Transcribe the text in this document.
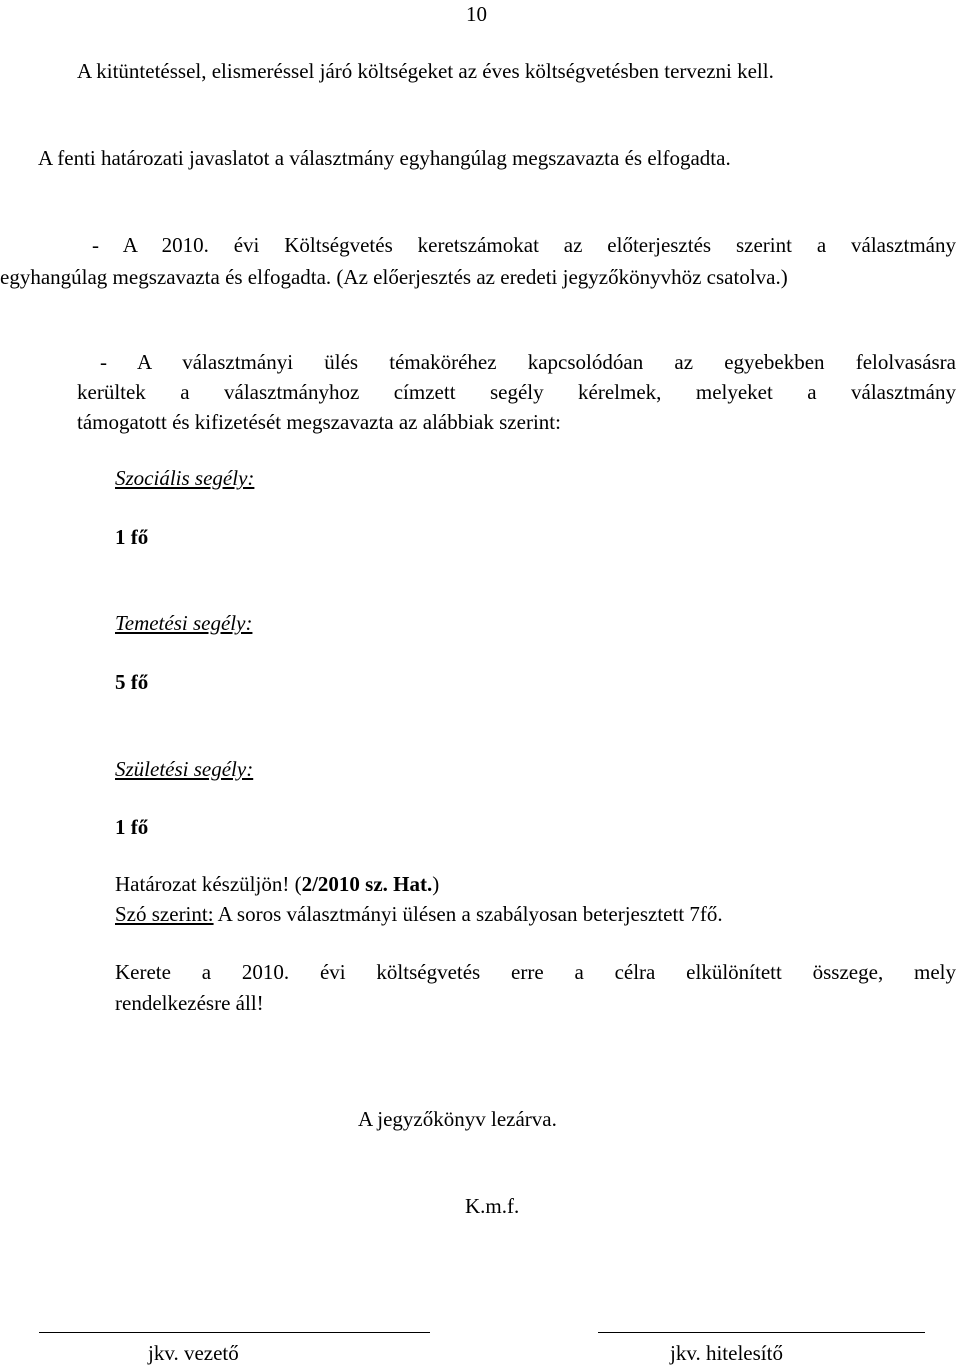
10
A kitüntetéssel, elismeréssel járó költségeket az éves költségvetésben tervezni kell.
A fenti határozati javaslatot a választmány egyhangúlag megszavazta és elfogadta.
- A 2010. évi Költségvetés keretszámokat az előterjesztés szerint a választmány
egyhangúlag megszavazta és elfogadta. (Az előerjesztés az eredeti jegyzőkönyvhöz csatolva.)
- A választmányi ülés témaköréhez kapcsolódóan az egyebekben felolvasásra
kerültek a választmányhoz címzett segély kérelmek, melyeket a választmány
támogatott és kifizetését megszavazta az alábbiak szerint:
Szociális segély:
1 fő
Temetési segély:
5 fő
Születési segély:
1 fő
Határozat készüljön! (2/2010 sz. Hat.)
Szó szerint: A soros választmányi ülésen a szabályosan beterjesztett 7fő.
Kerete a 2010. évi költségvetés erre a célra elkülönített összege, mely
rendelkezésre áll!
A jegyzőkönyv lezárva.
K.m.f.
jkv. vezető	jkv. hitelesítő
